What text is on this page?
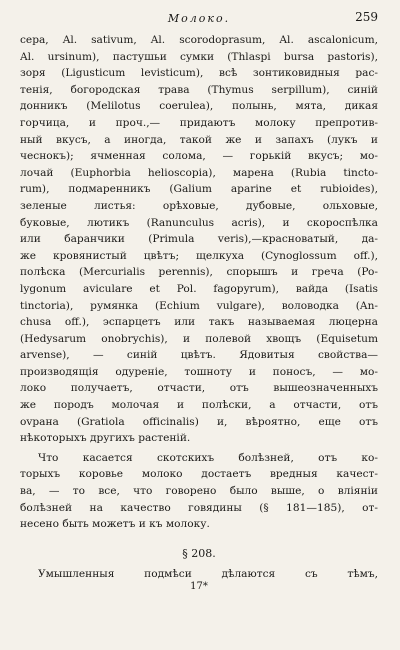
Молоко.	259
сера, Al. sativum, Al. scorodoprasum, Al. ascalonicum,
Al. ursinum), пастушьи сумки (Thlaspi bursa pastoris),
зоря (Ligusticum levisticum), всѣ зонтиковидныя рас-
тенія, богородская трава (Thymus serpillum), синій
донникъ (Melilotus coeruleа), полынь, мята, дикая
горчица, и проч.,— придаютъ молоку препротив-
ный вкусъ, а иногда, такой же и запахъ (лукъ и
чеснокъ); ячменная солома, — горькій вкусъ; мо-
лочай (Euphorbia helioscopia), марена (Rubia tincto-
rum), подмаренникъ (Galium aparine et rubioides),
зеленые листья: орѣховые, дубовые, ольховые,
буковые, лютикъ (Ranunculus acris), и скороспѣлка
или баранчики (Primula veris),—красноватый, да-
же кровянистый цвѣтъ; щелкуха (Cynoglossum off.),
полѣска (Mercurialis perennis), спорышъ и греча (Po-
lygonum aviculare et Pol. fagopyrum), вайда (Isatis
tinctoria), румянка (Echium vulgare), воловодка (An-
chusa off.), эспарцетъ или такъ называемая люцерна
(Hedysarum onobrychis), и полевой хвощъ (Equisetum
arvense), — синій цвѣтъ. Ядовитыя свойства—
производящія одуреніе, тошноту и поносъ, — мо-
локо получаетъ, отчасти, отъ вышеозначенныхъ
же породъ молочая и полѣски, а отчасти, отъ
ovрана (Gratiola officinalis) и, вѣроятно, еще отъ
нѣкоторыхъ другихъ растеній.
Что касается скотскихъ болѣзней, отъ ко-
торыхъ коровье молоко достаетъ вредныя качест-
ва, — то все, что говорено было выше, о вліяніи
болѣзней на качество говядины (§ 181—185), от-
несено быть можетъ и къ молоку.
§ 208.
Умышленныя подмѣси дѣлаются съ тѣмъ,
17*
